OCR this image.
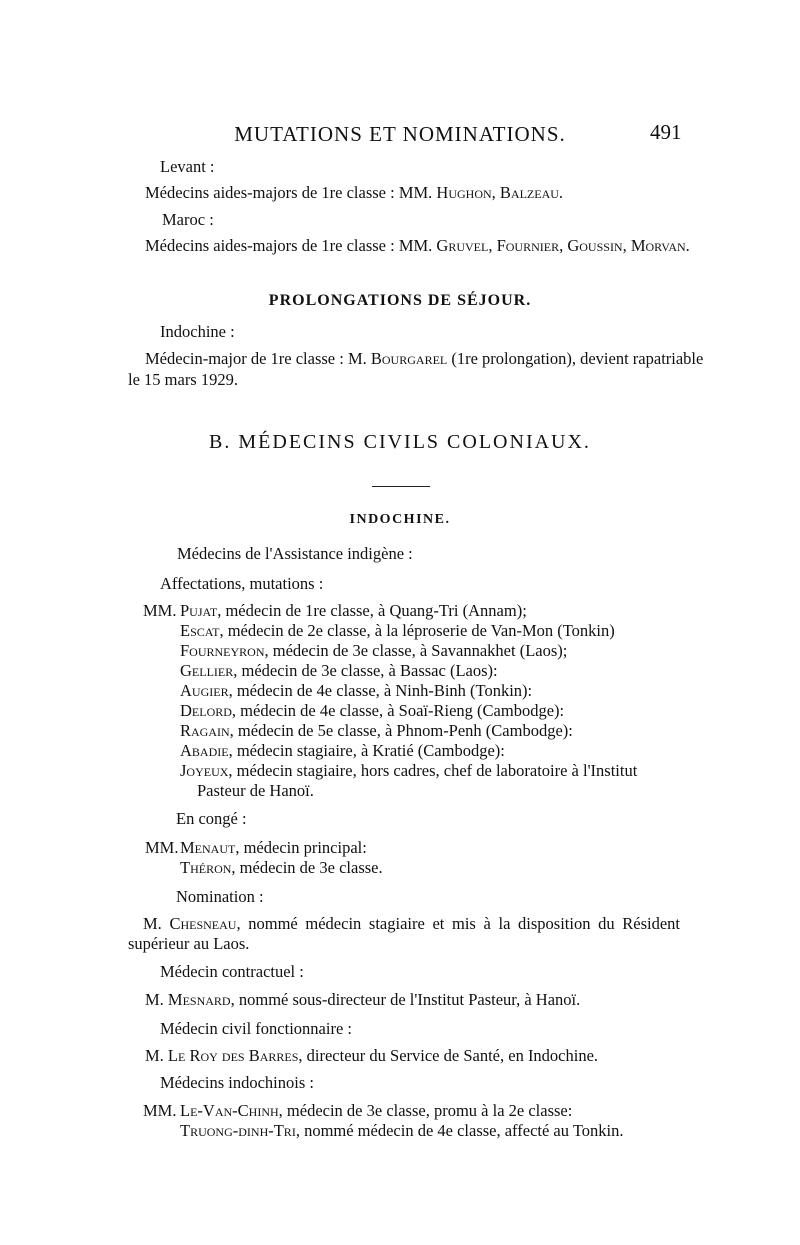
MUTATIONS ET NOMINATIONS.	491
Levant :
Médecins aides-majors de 1re classe : MM. Hughon, Balzeau.
Maroc :
Médecins aides-majors de 1re classe : MM. Gruvel, Fournier, Goussin, Morvan.
PROLONGATIONS DE SÉJOUR.
Indochine :
Médecin-major de 1re classe : M. Bourgarel (1re prolongation), devient rapatriable
le 15 mars 1929.
B. MÉDECINS CIVILS COLONIAUX.
INDOCHINE.
Médecins de l'Assistance indigène :
Affectations, mutations :
MM. Pujat, médecin de 1re classe, à Quang-Tri (Annam);
Escat, médecin de 2e classe, à la léproserie de Van-Mon (Tonkin)
Fourneyron, médecin de 3e classe, à Savannakhet (Laos);
Gellier, médecin de 3e classe, à Bassac (Laos):
Augier, médecin de 4e classe, à Ninh-Binh (Tonkin):
Delord, médecin de 4e classe, à Soaï-Rieng (Cambodge):
Ragain, médecin de 5e classe, à Phnom-Penh (Cambodge):
Abadie, médecin stagiaire, à Kratié (Cambodge):
Joyeux, médecin stagiaire, hors cadres, chef de laboratoire à l'Institut
Pasteur de Hanoï.
En congé :
MM. Menaut, médecin principal:
Théron, médecin de 3e classe.
Nomination :
M. Chesneau, nommé médecin stagiaire et mis à la disposition du Résident
supérieur au Laos.
Médecin contractuel :
M. Mesnard, nommé sous-directeur de l'Institut Pasteur, à Hanoï.
Médecin civil fonctionnaire :
M. Le Roy des Barres, directeur du Service de Santé, en Indochine.
Médecins indochinois :
MM. Le-Van-Chinh, médecin de 3e classe, promu à la 2e classe:
Truong-dinh-Tri, nommé médecin de 4e classe, affecté au Tonkin.
